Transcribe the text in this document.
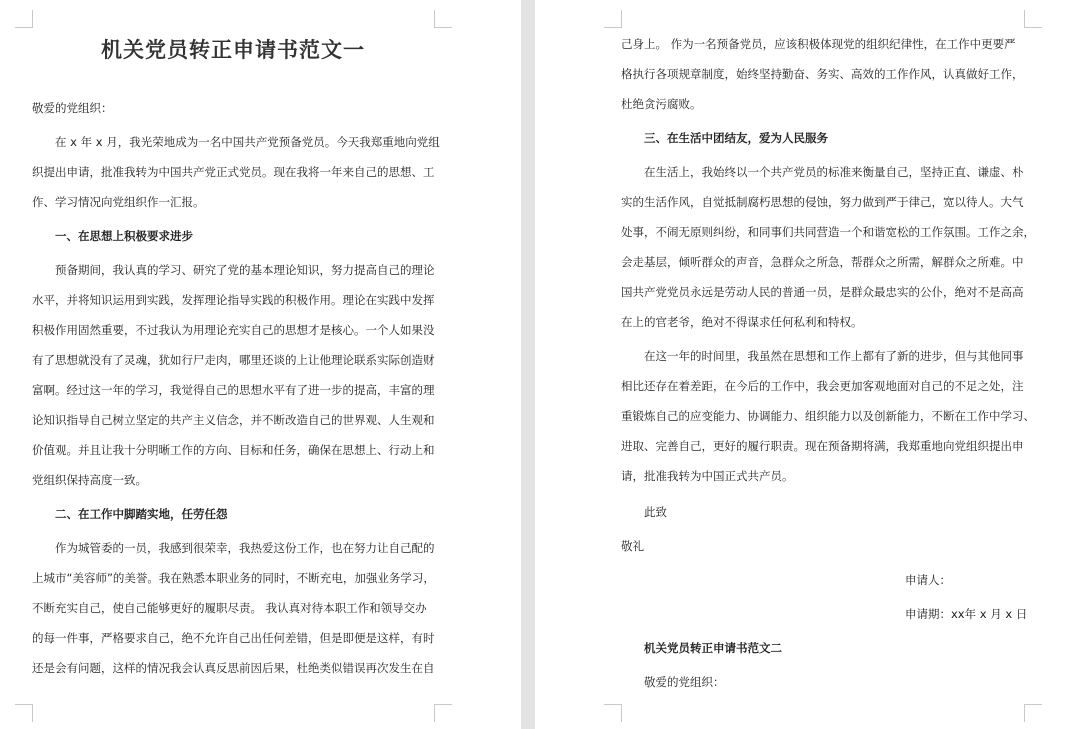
机关党员转正申请书范文一

敬爱的党组织：

　　在 x 年 x 月，我光荣地成为一名中国共产党预备党员。今天我郑重地向党组

织提出申请，批准我转为中国共产党正式党员。现在我将一年来自己的思想、工

作、学习情况向党组织作一汇报。

　　一、在思想上积极要求进步

　　预备期间，我认真的学习、研究了党的基本理论知识，努力提高自己的理论

水平，并将知识运用到实践，发挥理论指导实践的积极作用。理论在实践中发挥

积极作用固然重要，不过我认为用理论充实自己的思想才是核心。一个人如果没

有了思想就没有了灵魂，犹如行尸走肉，哪里还谈的上让他理论联系实际创造财

富啊。经过这一年的学习，我觉得自己的思想水平有了进一步的提高，丰富的理

论知识指导自己树立坚定的共产主义信念，并不断改造自己的世界观、人生观和

价值观。并且让我十分明晰工作的方向、目标和任务，确保在思想上、行动上和

党组织保持高度一致。

　　二、在工作中脚踏实地，任劳任怨

　　作为城管委的一员，我感到很荣幸，我热爱这份工作，也在努力让自己配的

上城市“美容师”的美誉。我在熟悉本职业务的同时，不断充电，加强业务学习，

不断充实自己，使自己能够更好的履职尽责。 我认真对待本职工作和领导交办

的每一件事，严格要求自己，绝不允许自己出任何差错，但是即便是这样，有时

还是会有问题，这样的情况我会认真反思前因后果，杜绝类似错误再次发生在自

己身上。 作为一名预备党员，应该积极体现党的组织纪律性，在工作中更要严

格执行各项规章制度，始终坚持勤奋、务实、高效的工作作风，认真做好工作，

杜绝贪污腐败。

　　三、在生活中团结友，爱为人民服务

　　在生活上，我始终以一个共产党员的标准来衡量自己，坚持正直、谦虚、朴

实的生活作风，自觉抵制腐朽思想的侵蚀，努力做到严于律己，宽以待人。大气

处事，不闹无原则纠纷，和同事们共同营造一个和谐宽松的工作氛围。工作之余，

会走基层，倾听群众的声音，急群众之所急，帮群众之所需，解群众之所难。中

国共产党党员永远是劳动人民的普通一员，是群众最忠实的公仆，绝对不是高高

在上的官老爷，绝对不得谋求任何私利和特权。

　　在这一年的时间里，我虽然在思想和工作上都有了新的进步，但与其他同事

相比还存在着差距，在今后的工作中，我会更加客观地面对自己的不足之处，注

重锻炼自己的应变能力、协调能力、组织能力以及创新能力，不断在工作中学习、

进取、完善自己，更好的履行职责。现在预备期将满，我郑重地向党组织提出申

请，批准我转为中国正式共产员。

　　此致

敬礼

申请人：

申请期：xx年 x 月 x 日

　　机关党员转正申请书范文二

　　敬爱的党组织：
